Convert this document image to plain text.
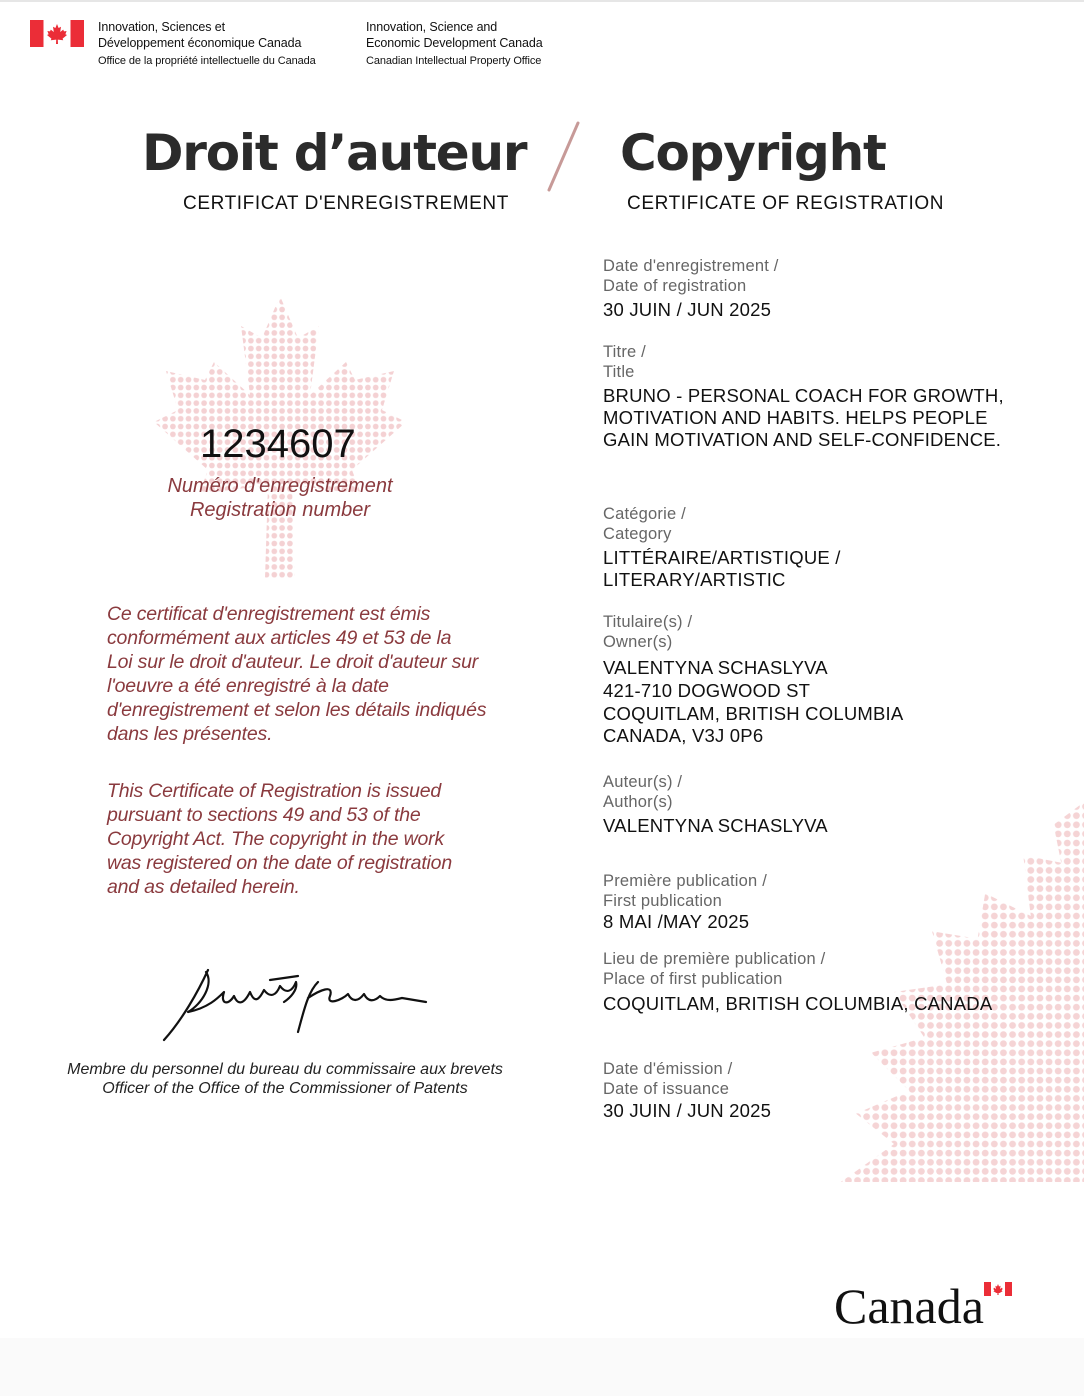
Innovation, Sciences et
Développement économique Canada
Office de la propriété intellectuelle du Canada
Innovation, Science and
Economic Development Canada
Canadian Intellectual Property Office
Droit d’auteur
CERTIFICAT D'ENREGISTREMENT
Copyright
CERTIFICATE OF REGISTRATION
1234607
Numéro d'enregistrement
Registration number
Ce certificat d'enregistrement est émis
conformément aux articles 49 et 53 de la
Loi sur le droit d'auteur. Le droit d'auteur sur
l'oeuvre a été enregistré à la date
d'enregistrement et selon les détails indiqués
dans les présentes.
This Certificate of Registration is issued
pursuant to sections 49 and 53 of the
Copyright Act. The copyright in the work
was registered on the date of registration
and as detailed herein.
Membre du personnel du bureau du commissaire aux brevets
Officer of the Office of the Commissioner of Patents
Date d'enregistrement /
Date of registration
30 JUIN / JUN 2025
Titre /
Title
BRUNO - PERSONAL COACH FOR GROWTH,
MOTIVATION AND HABITS. HELPS PEOPLE
GAIN MOTIVATION AND SELF-CONFIDENCE.
Catégorie /
Category
LITTÉRAIRE/ARTISTIQUE /
LITERARY/ARTISTIC
Titulaire(s) /
Owner(s)
VALENTYNA SCHASLYVA
421-710 DOGWOOD ST
COQUITLAM, BRITISH COLUMBIA
CANADA, V3J 0P6
Auteur(s) /
Author(s)
VALENTYNA SCHASLYVA
Première publication /
First publication
8 MAI /MAY 2025
Lieu de première publication /
Place of first publication
COQUITLAM, BRITISH COLUMBIA, CANADA
Date d'émission /
Date of issuance
30 JUIN / JUN 2025
Canada
